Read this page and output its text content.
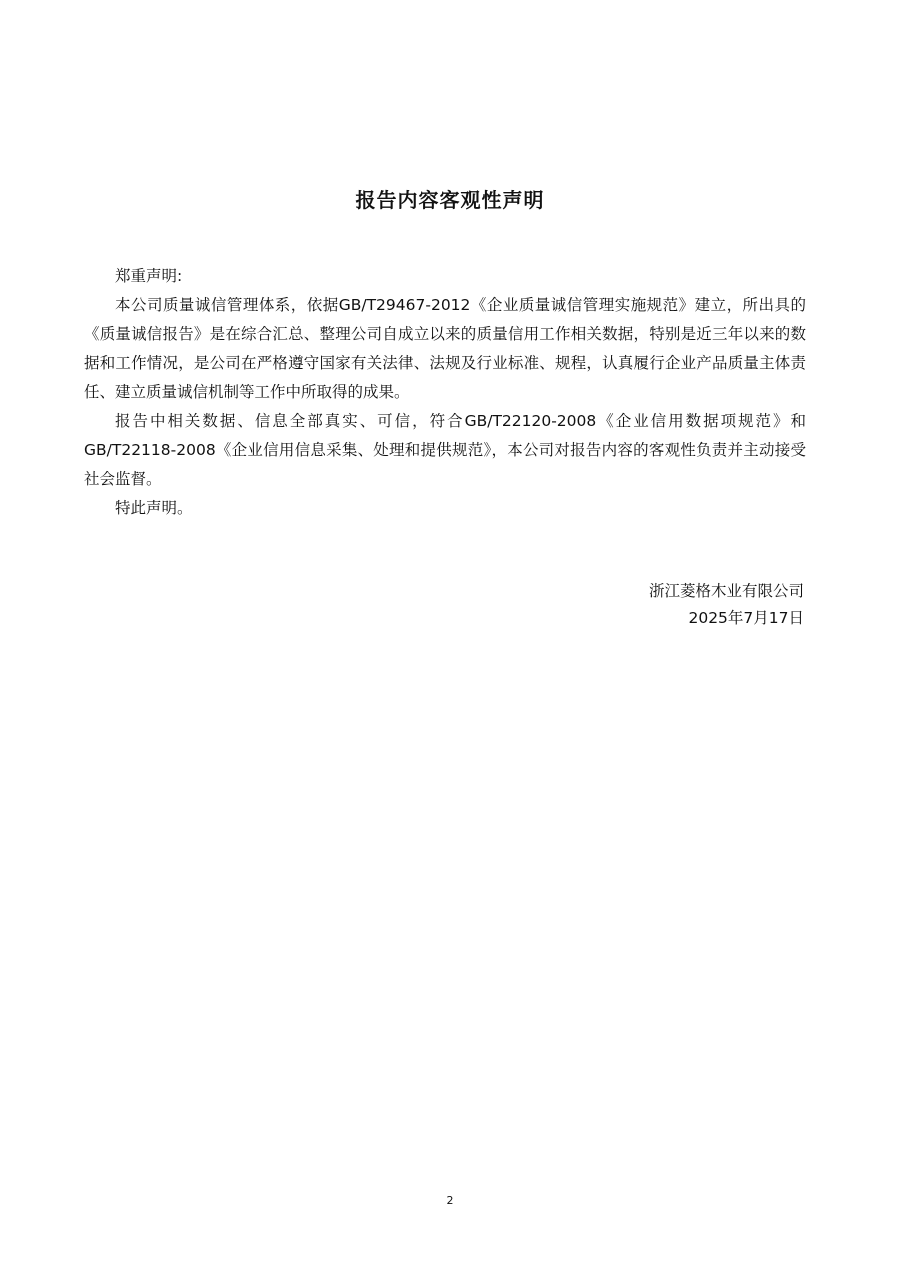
报告内容客观性声明

郑重声明:

本公司质量诚信管理体系，依据GB/T29467-2012《企业质量诚信管理实施规范》建立，所出具的《质量诚信报告》是在综合汇总、整理公司自成立以来的质量信用工作相关数据，特别是近三年以来的数据和工作情况，是公司在严格遵守国家有关法律、法规及行业标准、规程，认真履行企业产品质量主体责任、建立质量诚信机制等工作中所取得的成果。

报告中相关数据、信息全部真实、可信，符合GB/T22120-2008《企业信用数据项规范》和GB/T22118-2008《企业信用信息采集、处理和提供规范》，本公司对报告内容的客观性负责并主动接受社会监督。

特此声明。

浙江菱格木业有限公司
2025年7月17日
2
